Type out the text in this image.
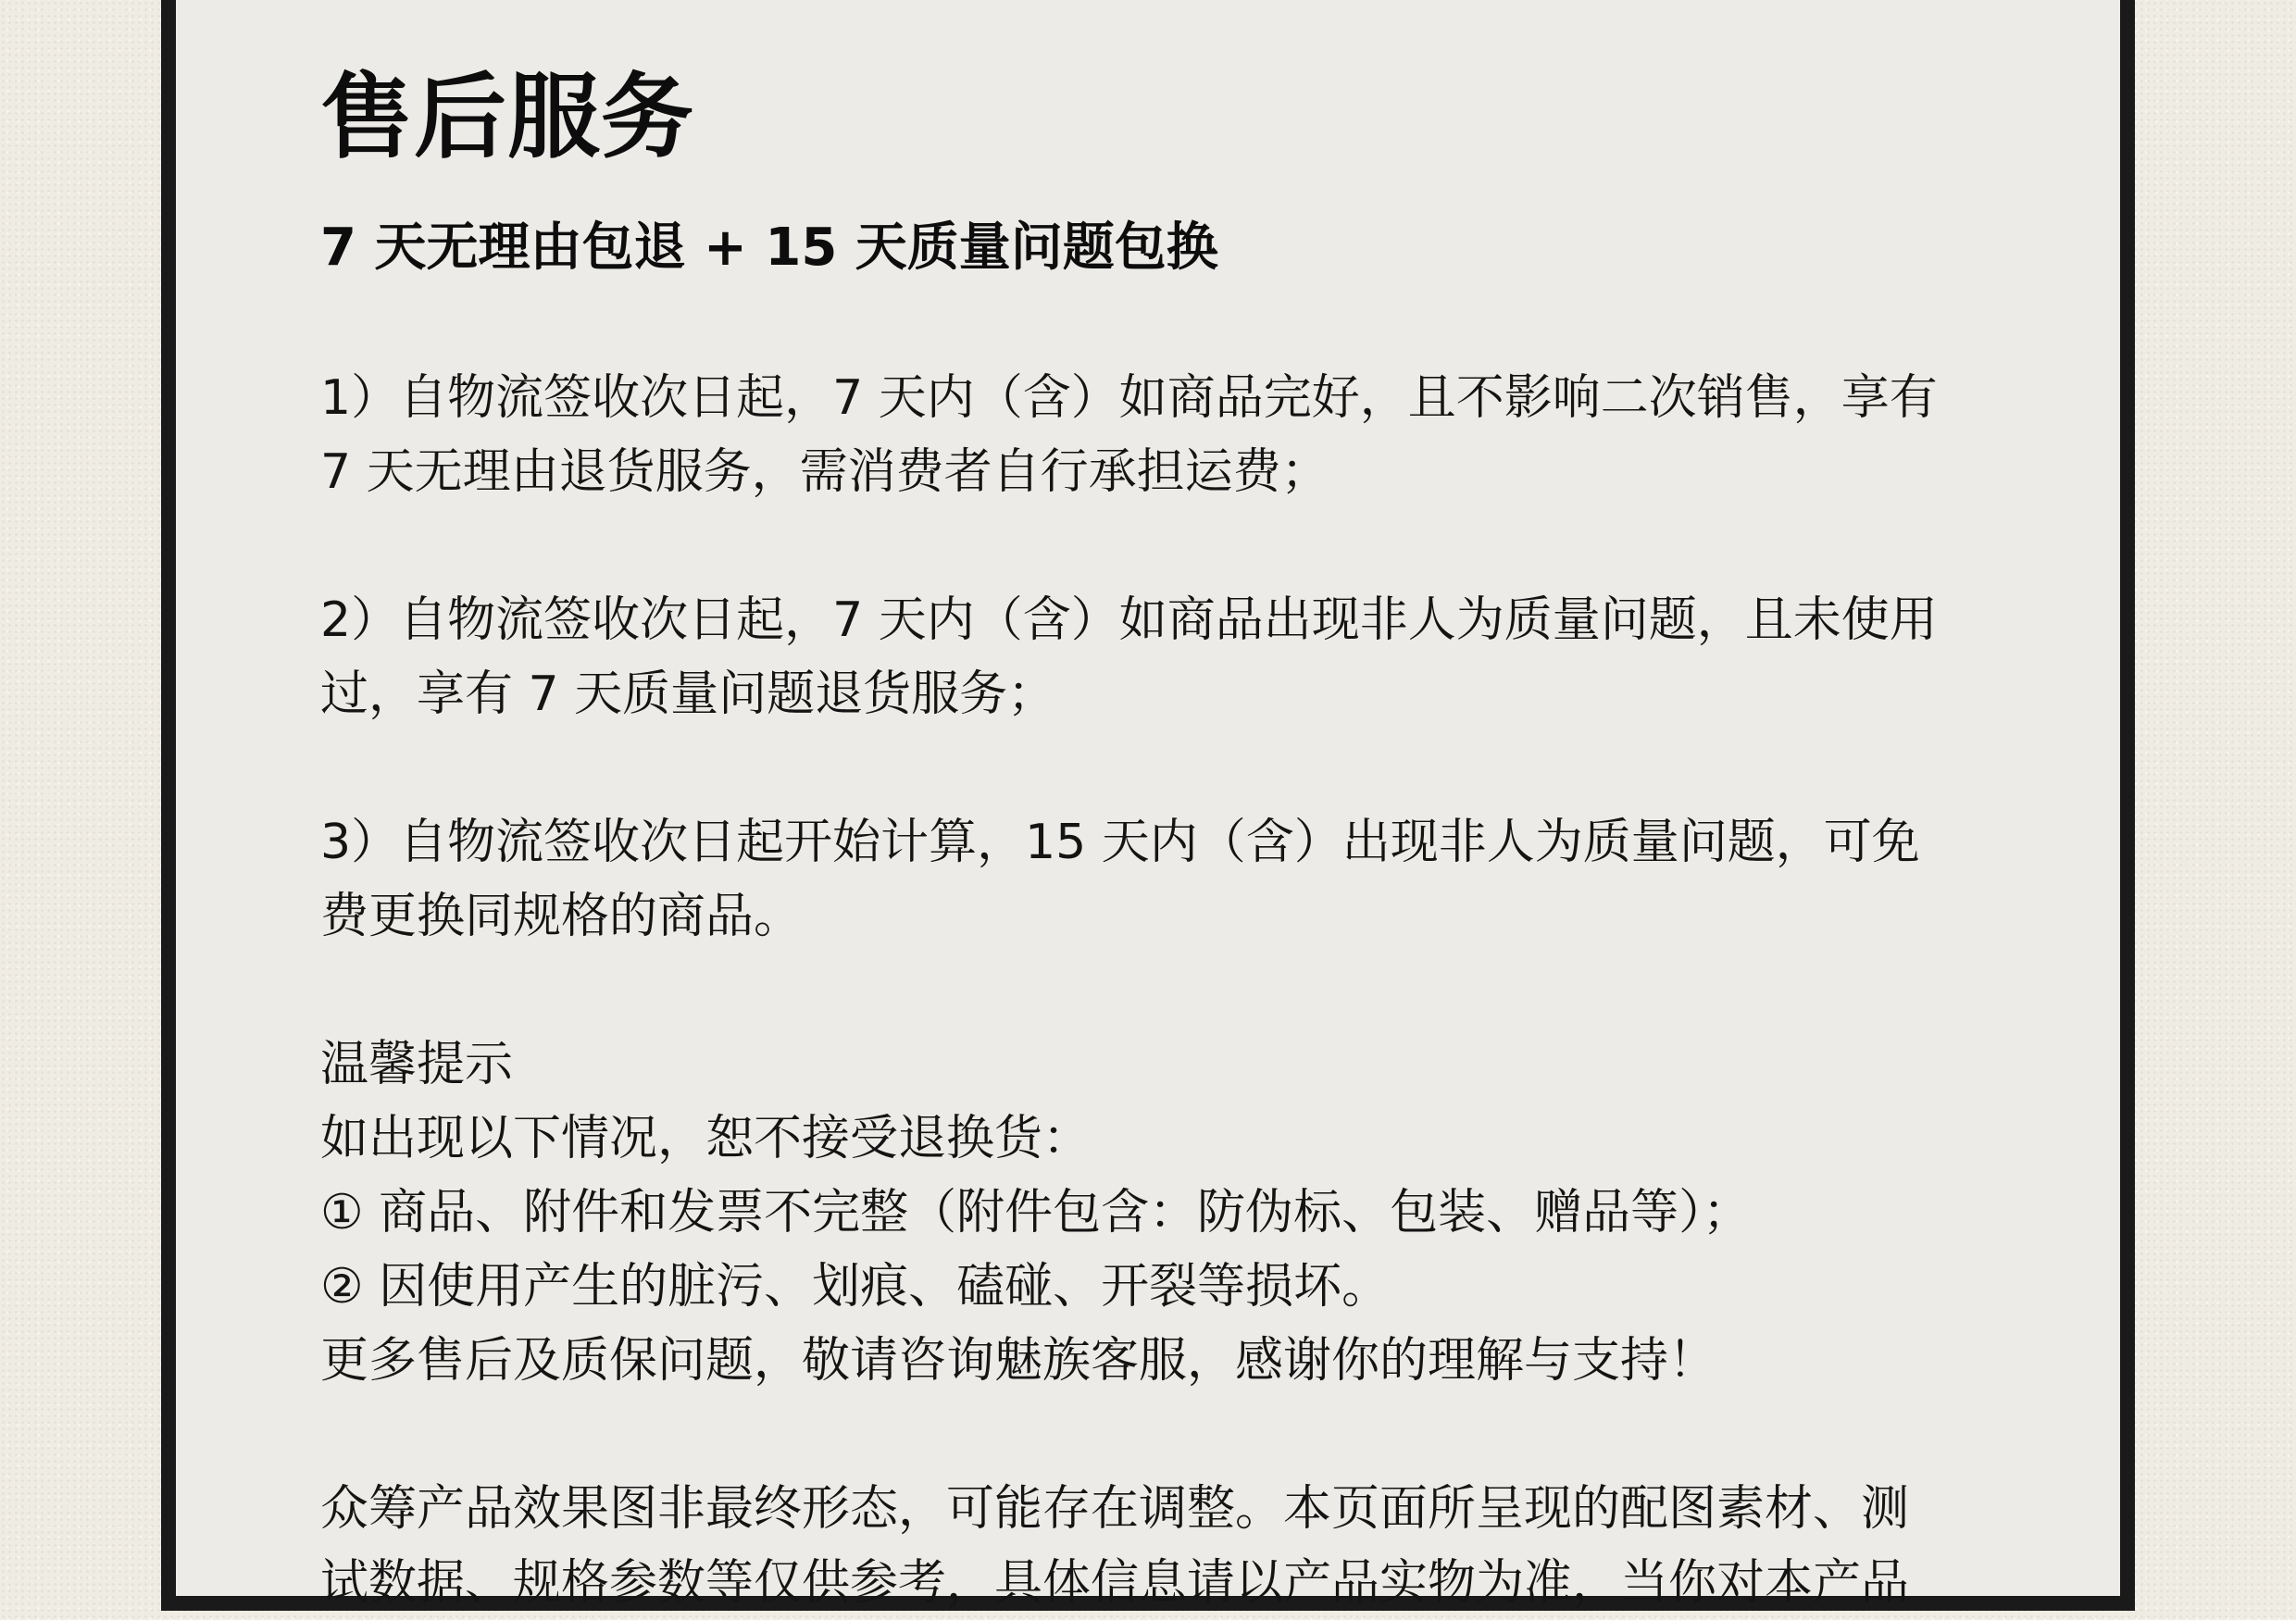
售后服务
7 天无理由包退 + 15 天质量问题包换
1）自物流签收次日起，7 天内（含）如商品完好，且不影响二次销售，享有
7 天无理由退货服务，需消费者自行承担运费；
2）自物流签收次日起，7 天内（含）如商品出现非人为质量问题，且未使用
过，享有 7 天质量问题退货服务；
3）自物流签收次日起开始计算，15 天内（含）出现非人为质量问题，可免
费更换同规格的商品。
温馨提示
如出现以下情况，恕不接受退换货：
① 商品、附件和发票不完整（附件包含：防伪标、包装、赠品等）；
② 因使用产生的脏污、划痕、磕碰、开裂等损坏。
更多售后及质保问题，敬请咨询魅族客服，感谢你的理解与支持！
众筹产品效果图非最终形态，可能存在调整。本页面所呈现的配图素材、测
试数据、规格参数等仅供参考，具体信息请以产品实物为准，当你对本产品
